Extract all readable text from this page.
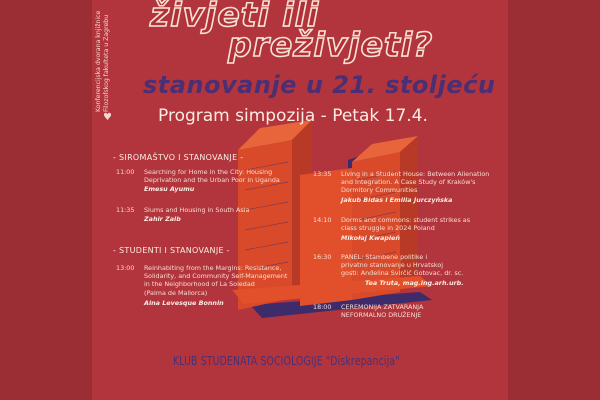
Konferencijska dvorana knjižnice Filozofskog fakulteta u Zagrebu
♥
živjeti ili
preživjeti?
stanovanje u 21. stoljeću
Program simpozija - Petak 17.4.
- SIROMAŠTVO I STANOVANJE -
11:00 Searching for Home in the City: Housing
Deprivation and the Urban Poor in Uganda
Emesu Ayumu
11:35 Slums and Housing in South Asia
Zahir Zaib
- STUDENTI I STANOVANJE -
13:00 Reinhabiting from the Margins: Resistance,
Solidarity, and Community Self-Management
in the Neighborhood of La Soledad
(Palma de Mallorca)
Aina Levesque Bonnin
13:35 Living in a Student House: Between Alienation
and Integration. A Case Study of Kraków's
Dormitory Communities
Jakub Bidas i Emilia Jurczyńska
14:10 Dorms and commons: student strikes as
class struggle in 2024 Poland
Mikołaj Kwapień
16:30 PANEL: Stambene politike i
privatno stanovanje u Hrvatskoj
gosti: Anđelina Svirčić Gotovac, dr. sc.
Tea Truta, mag.ing.arh.urb.
18:00 CEREMONIJA ZATVARANJA
NEFORMALNO DRUŽENJE
KLUB STUDENATA SOCIOLOGIJE "Diskrepancija"
